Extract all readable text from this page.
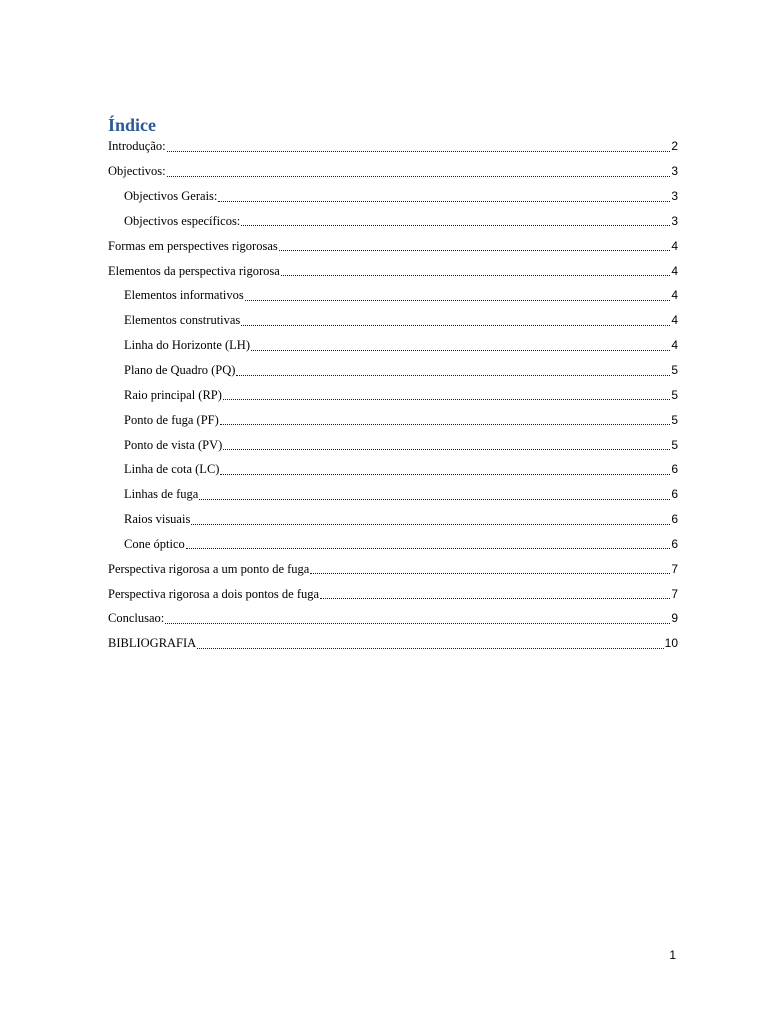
Índice
Introdução:	2
Objectivos:	3
Objectivos Gerais:	3
Objectivos específicos:	3
Formas em perspectives rigorosas	4
Elementos da perspectiva rigorosa	4
Elementos informativos	4
Elementos construtivas	4
Linha do Horizonte (LH)	4
Plano de Quadro (PQ)	5
Raio principal (RP)	5
Ponto de fuga (PF)	5
Ponto de vista (PV)	5
Linha de cota (LC)	6
Linhas de fuga	6
Raios visuais	6
Cone óptico	6
Perspectiva rigorosa a um ponto de fuga	7
Perspectiva rigorosa a dois pontos de fuga	7
Conclusao:	9
BIBLIOGRAFIA	10
1
